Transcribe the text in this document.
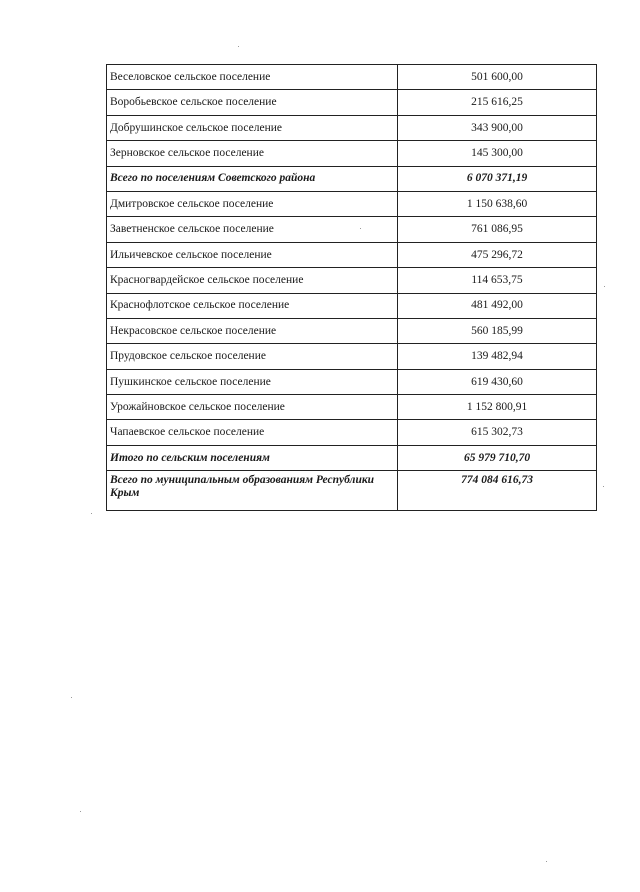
Веселовское сельское поселение	501 600,00
Воробьевское сельское поселение	215 616,25
Добрушинское сельское поселение	343 900,00
Зерновское сельское поселение	145 300,00
Всего по поселениям Советского района	6 070 371,19
Дмитровское сельское поселение	1 150 638,60
Заветненское сельское поселение	761 086,95
Ильичевское сельское поселение	475 296,72
Красногвардейское сельское поселение	114 653,75
Краснофлотское сельское поселение	481 492,00
Некрасовское сельское поселение	560 185,99
Прудовское сельское поселение	139 482,94
Пушкинское сельское поселение	619 430,60
Урожайновское сельское поселение	1 152 800,91
Чапаевское сельское поселение	615 302,73
Итого по сельским поселениям	65 979 710,70
Всего по муниципальным образованиям Республики Крым	774 084 616,73
